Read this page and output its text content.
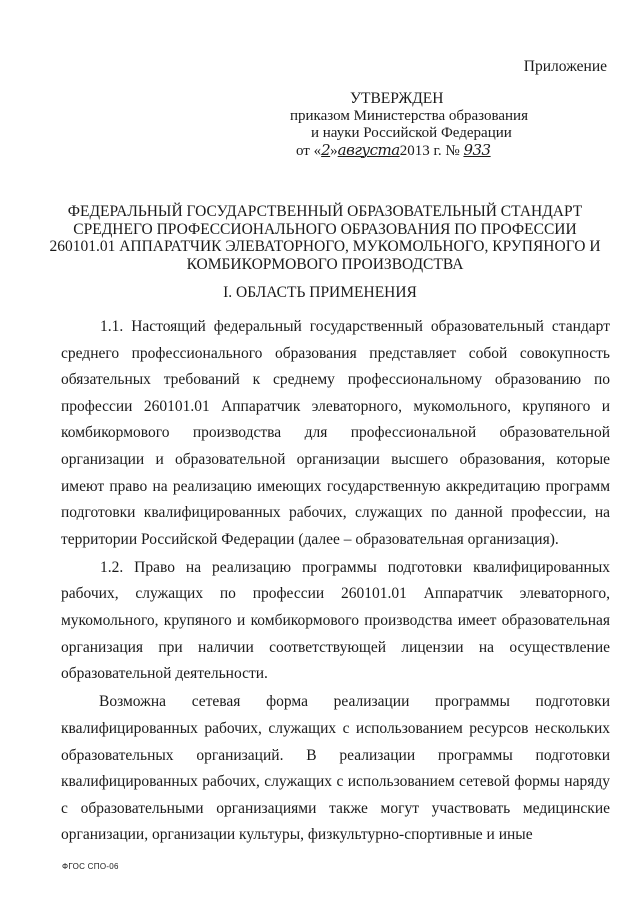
Приложение
УТВЕРЖДЕН
приказом Министерства образования
и науки Российской Федерации
от «2»августа2013 г. № 933
ФЕДЕРАЛЬНЫЙ ГОСУДАРСТВЕННЫЙ ОБРАЗОВАТЕЛЬНЫЙ СТАНДАРТ
СРЕДНЕГО ПРОФЕССИОНАЛЬНОГО ОБРАЗОВАНИЯ ПО ПРОФЕССИИ
260101.01 АППАРАТЧИК ЭЛЕВАТОРНОГО, МУКОМОЛЬНОГО, КРУПЯНОГО И
КОМБИКОРМОВОГО ПРОИЗВОДСТВА
I. ОБЛАСТЬ ПРИМЕНЕНИЯ

1.1. Настоящий федеральный государственный образовательный стандарт среднего профессионального образования представляет собой совокупность обязательных требований к среднему профессиональному образованию по профессии 260101.01 Аппаратчик элеваторного, мукомольного, крупяного и комбикормового производства для профессиональной образовательной организации и образовательной организации высшего образования, которые имеют право на реализацию имеющих государственную аккредитацию программ подготовки квалифицированных рабочих, служащих по данной профессии, на территории Российской Федерации (далее – образовательная организация).

1.2. Право на реализацию программы подготовки квалифицированных рабочих, служащих по профессии 260101.01 Аппаратчик элеваторного, мукомольного, крупяного и комбикормового производства имеет образовательная организация при наличии соответствующей лицензии на осуществление образовательной деятельности.

Возможна сетевая форма реализации программы подготовки квалифицированных рабочих, служащих с использованием ресурсов нескольких образовательных организаций. В реализации программы подготовки квалифицированных рабочих, служащих с использованием сетевой формы наряду с образовательными организациями также могут участвовать медицинские организации, организации культуры, физкультурно-спортивные и иные

ФГОС СПО-06
